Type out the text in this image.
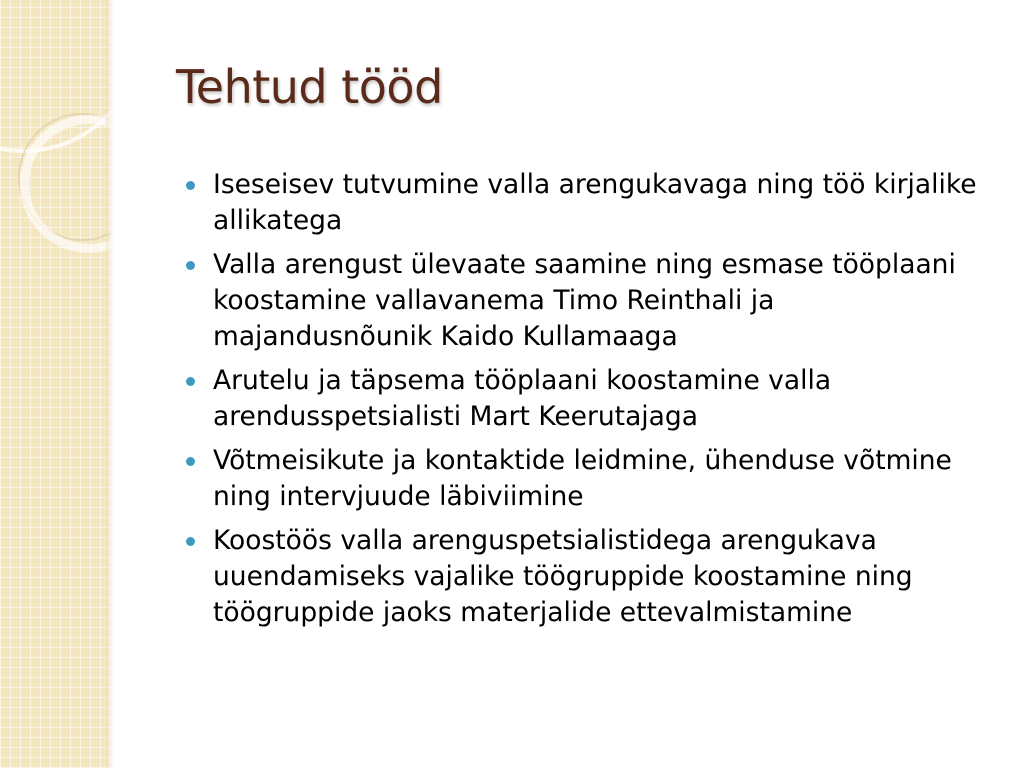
Tehtud tööd
Iseseisev tutvumine valla arengukavaga ning töö kirjalike allikatega
Valla arengust ülevaate saamine ning esmase tööplaani koostamine vallavanema Timo Reinthali ja majandusnõunik Kaido Kullamaaga
Arutelu ja täpsema tööplaani koostamine valla arendusspetsialisti Mart Keerutajaga
Võtmeisikute ja kontaktide leidmine, ühenduse võtmine ning intervjuude läbiviimine
Koostöös valla arenguspetsialistidega arengukava uuendamiseks vajalike töögruppide koostamine ning töögruppide jaoks materjalide ettevalmistamine
